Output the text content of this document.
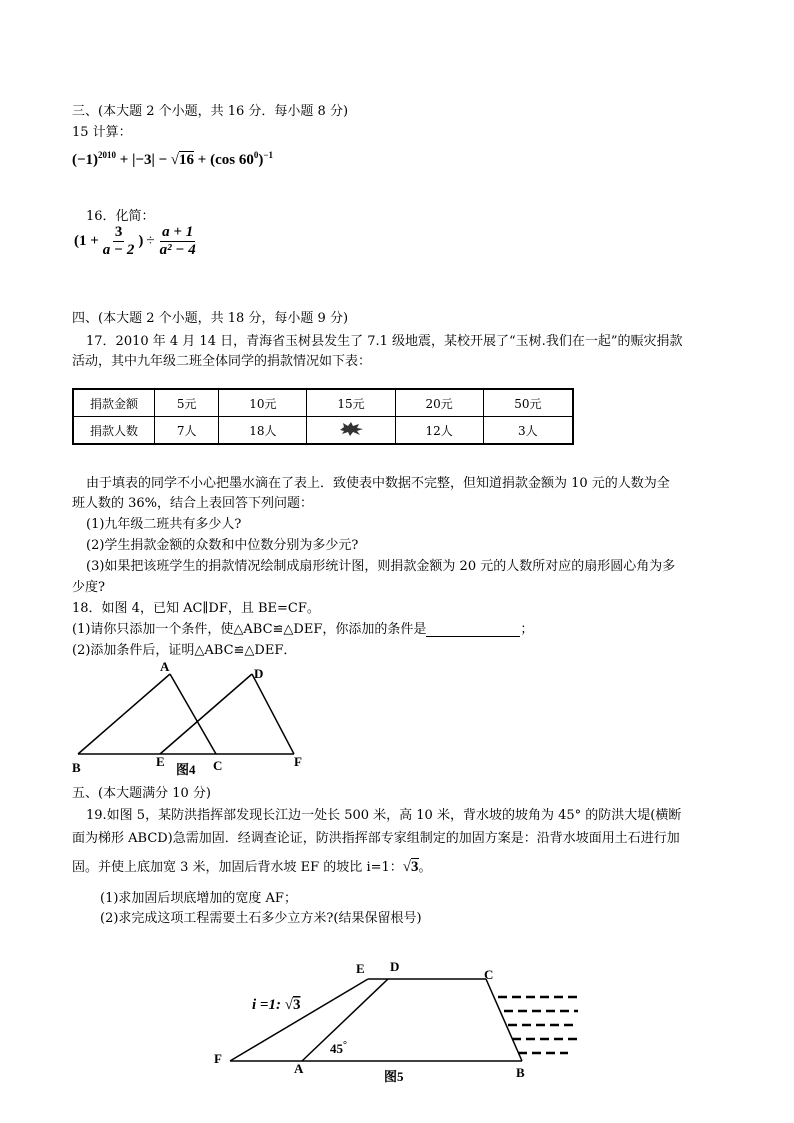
三、(本大题 2 个小题，共 16 分．每小题 8 分)
15 计算：
$(-1)^{2010} + |-3| - √16 + (\cos$ $60^0)^{-1}$
16．化简：
($1 + \frac{3}{a - 2}$ ) ÷ $\frac{a + 1}{\text{a² − 4}}$
四、(本大题 2 个小题，共 18 分，每小题 9 分)
17．2010 年 4 月 14 日，青海省玉树县发生了 7.1 级地震，某校开展了“玉树.我们在一起”的赈灾捐款
活动，其中九年级二班全体同学的捐款情况如下表：
捐款金额	5元	10元	15元	20元	50元
捐款人数	7人	18人		12人	3人
由于填表的同学不小心把墨水滴在了表上．致使表中数据不完整，但知道捐款金额为 10 元的人数为全
班人数的 36%，结合上表回答下列问题：
(1)九年级二班共有多少人?
(2)学生捐款金额的众数和中位数分别为多少元?
(3)如果把该班学生的捐款情况绘制成扇形统计图，则捐款金额为 20 元的人数所对应的扇形圆心角为多
少度?
18．如图 4，已知 AC∥DF，且 BE=CF。
(1)请你只添加一个条件，使△ABC≌△DEF，你添加的条件是	；
(2)添加条件后，证明△ABC≌△DEF．
A	D
B	E	C	F
图4
五、(本大题满分 10 分)
19.如图 5，某防洪指挥部发现长江边一处长 500 米，高 10 米，背水坡的坡角为 45° 的防洪大堤(横断
面为梯形 ABCD)急需加固．经调查论证，防洪指挥部专家组制定的加固方案是：沿背水坡面用土石进行加
固。并使上底加宽 3 米，加固后背水坡 EF 的坡比 i=1：√3。
(1)求加固后坝底增加的宽度 AF；
(2)求完成这项工程需要土石多少立方米?(结果保留根号)
E D
C
F
A	B
i =1: √3
45°
图5
